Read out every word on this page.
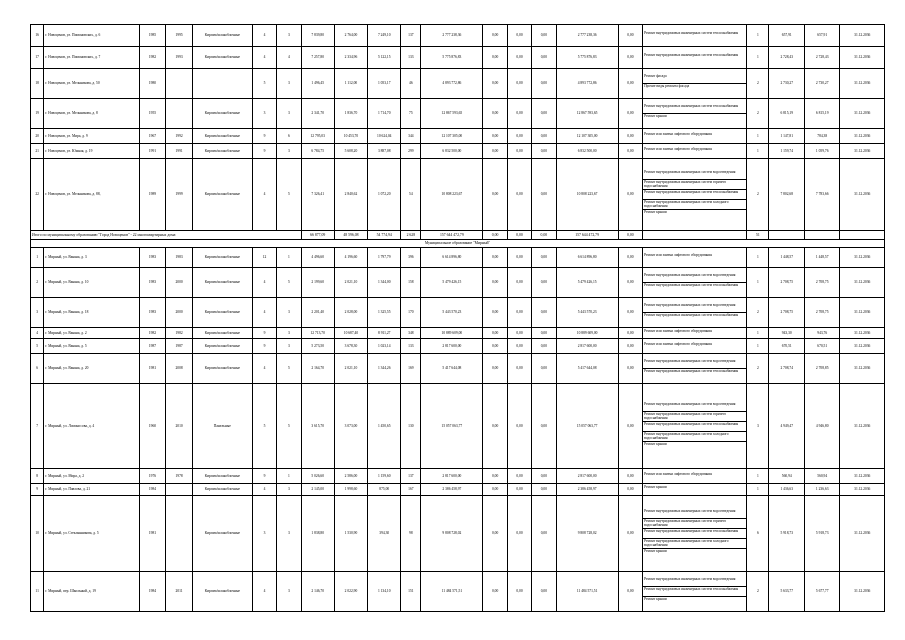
16	г. Новоценов, ул. Пимоновских, д. 6	1985	1995	Кирпич/шлакоблочные	4	3	7 839,80	2 764,00	7 249,10	137	2 777 238,36	0,00	0,00	0,00	2 777 238,36	0,00	Ремонт внутридомовых инженерных систем теплоснабжения	1	657,91	657,91	31.12.2036
17	г. Новоценов, ул. Пимоновских, д. 7	1982	1993	Кирпич/шлакоблочные	4	4	7 257,80	2 334,96	5 122,15	133	5 775 876,83	0,00	0,00	0,00	5 775 876,83	0,00	Ремонт внутридомовых инженерных систем теплоснабжения	1	2 728,43	2 728,43	31.12.2036
18	г. Новоценов, ул. Мельникова, д. 50	1980			5	3	1 496,45	1 112,00	1 053,17	46	4 893 772,86	0,00	0,00	0,00	4 893 772,86	0,00	Ремонт фасада
Прочие виды ремонта фасада	2	2 730,27	2 730,27	31.12.2036
19	г. Новоценов, ул. Мельникова, д. 8	1955		Кирпич/шлакоблочные	3	3	2 341,70	1 836,70	1 714,70	75	12 867 593,65	0,00	0,00	0,00	12 867 593,65	0,00	Ремонт внутридомовых инженерных систем теплоснабжения
Ремонт крыши	2	6 815,19	6 815,19	31.12.2036
20	г. Новоценов, ул. Мира, д. 9	1967	1992	Кирпич/шлакоблочные	9	6	12 795,03	10 453,70	10 624,04	344	12 107 305,00	0,00	0,00	0,00	12 107 305,00	0,00	Ремонт или замена лифтового оборудования	1	1 147,81	784,38	31.12.2036
21	г. Новоценов, ул. Южная, д. 19	1991	1991	Кирпич/шлакоблочные	9	3	6 784,75	5 608,20	3 887,08	299	6 832 500,00	0,00	0,00	0,00	6 832 500,00	0,00	Ремонт или замена лифтового оборудования	1	1 159,74	1 059,76	31.12.2036
22	г. Новоценов, ул. Мельникова, д. 88,	1989	1999	Кирпич/шлакоблочные	4	5	7 326,41	2 840,62	1 072,20	54	10 808 223,67	0,00	0,00	0,00	10 808 223,67	0,00	Ремонт внутридомовых инженерных систем водоотведения
Ремонт внутридомовых инженерных систем горячего водоснабжения
Ремонт внутридомовых инженерных систем теплоснабжения
Ремонт внутридомовых инженерных систем холодного водоснабжения
Ремонт крыши	2	7 802,68	7 783,66	31.12.2036
Итого по муниципальному образованию "Город Новоценов" - 22 многоквартирных дома:							66 877,09	48 596,08	54 774,94	2 628	157 644 472,79	0,00	0,00	0,00	157 644 472,79	0,00		51			
Муниципальное образование "Мирный"																					
1	г. Мирный, ул. Ваняна, д. 3	1983	1983	Кирпич/шлакоблочные	12	1	4 496,60	4 196,60	1 797,79	396	6 614 896,80	0,00	0,00	0,00	6 614 896,80	0,00	Ремонт или замена лифтового оборудования	1	1 448,57	1 448,57	31.12.2036
2	г. Мирный, ул. Ваняна, д. 10	1983	2000	Кирпич/шлакоблочные	4	5	2 199,60	2 021,10	1 344,00	158	5 479 426,15	0,00	0,00	0,00	5 479 426,15	0,00	Ремонт внутридомовых инженерных систем водоотведения
Ремонт внутридомовых инженерных систем теплоснабжения	1	2 708,75	2 708,75	31.12.2036
3	г. Мирный, ул. Ваняна, д. 18	1983	2000	Кирпич/шлакоблочные	4	3	2 201,40	2 028,00	1 325,55	170	5 443 570,23	0,00	0,00	0,00	5 443 570,23	0,00	Ремонт внутридомовых инженерных систем водоотведения
Ремонт внутридомовых инженерных систем теплоснабжения	2	2 708,75	2 708,75	31.12.2036
4	г. Мирный, ул. Ваняна, д. 2	1982	1982	Кирпич/шлакоблочные	9	3	12 713,70	10 687,40	8 911,27	348	10 889 609,00	0,00	0,00	0,00	10 889 609,00	0,00	Ремонт или замена лифтового оборудования	1	943,30	943,76	31.12.2036
5	г. Мирный, ул. Ваняна, д. 5	1987	1987	Кирпич/шлакоблочные	9	3	5 273,50	3 678,30	1 023,14	133	2 817 600,00	0,00	0,00	0,00	2 817 600,00	0,00	Ремонт или замена лифтового оборудования	1	670,51	670,51	31.12.2036
6	г. Мирный, ул. Ваняна, д. 20	1981	2008	Кирпич/шлакоблочные	4	5	2 164,70	2 021,10	1 344,26	169	5 417 644,08	0,00	0,00	0,00	5 417 644,08	0,00	Ремонт внутридомовых инженерных систем водоотведения
Ремонт внутридомовых инженерных систем теплоснабжения	2	2 708,74	2 708,85	31.12.2036
7	г. Мирный, ул. Ломоносова, д. 4	1960	2010	Панельные	5	5	3 615,70	3 073,00	1 450,65	130	15 057 063,77	0,00	0,00	0,00	15 057 063,77	0,00	Ремонт внутридомовых инженерных систем водоотведения
Ремонт внутридомовых инженерных систем горячего водоснабжения
Ремонт внутридомовых инженерных систем теплоснабжения
Ремонт внутридомовых инженерных систем холодного водоснабжения
Ремонт крыши	3	4 949,47	4 946,80	31.12.2036
8	г. Мирный, ул. Мира, д. 2	1976	1978	Кирпич/шлакоблочные	9	1	5 026,60	2 586,00	1 159,60	137	2 817 600,00	0,00	0,00	0,00	2 817 600,00	0,00	Ремонт или замена лифтового оборудования	1	560,94	560,94	31.12.2036
9	г. Мирный, ул. Павлова, д. 21	1984		Кирпич/шлакоблочные	4	3	2 145,00	1 998,60	875,00	167	2 386 458,97	0,00	0,00	0,00	2 386 458,97	0,00	Ремонт крыши	1	1 436,63	1 236,63	31.12.2036
10	г. Мирный, ул. Стеклянникова, д. 5	1981		Кирпич/шлакоблочные	3	3	1 838,80	1 530,90	394,30	98	9 808 728,02	0,00	0,00	0,00	9 808 728,02	0,00	Ремонт внутридомовых инженерных систем водоотведения
Ремонт внутридомовых инженерных систем горячего водоснабжения
Ремонт внутридомовых инженерных систем теплоснабжения
Ремонт внутридомовых инженерных систем холодного водоснабжения
Ремонт крыши	6	5 918,73	5 918,73	31.12.2036
11	г. Мирный, пер. Школьный, д. 19	1984	2011	Кирпич/шлакоблочные	4	3	2 146,70	2 022,90	1 134,10	151	11 484 571,51	0,00	0,00	0,00	11 484 571,51	0,00	Ремонт внутридомовых инженерных систем водоотведения
Ремонт внутридомовых инженерных систем теплоснабжения
Ремонт крыши	2	5 633,77	5 677,77	31.12.2036
